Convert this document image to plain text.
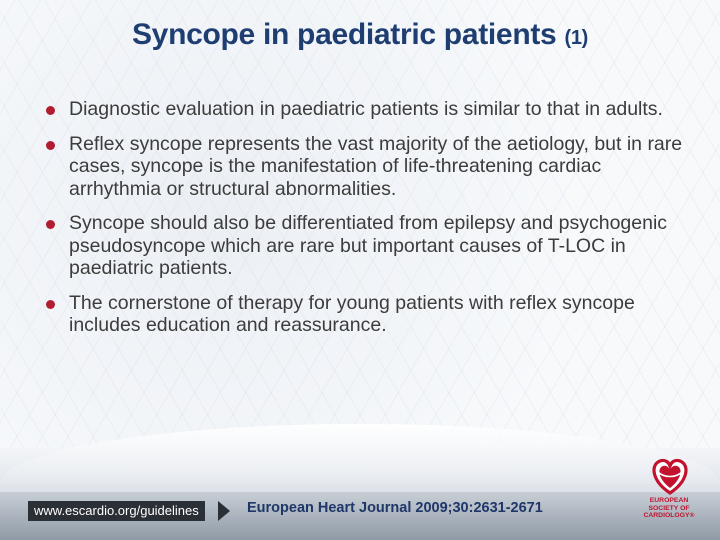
Syncope in paediatric patients (1)
Diagnostic evaluation in paediatric patients is similar to that in adults.
Reflex syncope represents the vast majority of the aetiology, but in rare cases, syncope is the manifestation of life-threatening cardiac arrhythmia or structural abnormalities.
Syncope should also be differentiated from epilepsy and psychogenic pseudosyncope which are rare but important causes of T-LOC in paediatric patients.
The cornerstone of therapy for young patients with reflex syncope includes education and reassurance.
www.escardio.org/guidelines	European Heart Journal 2009;30:2631-2671	EUROPEAN
SOCIETY OF
CARDIOLOGY®
